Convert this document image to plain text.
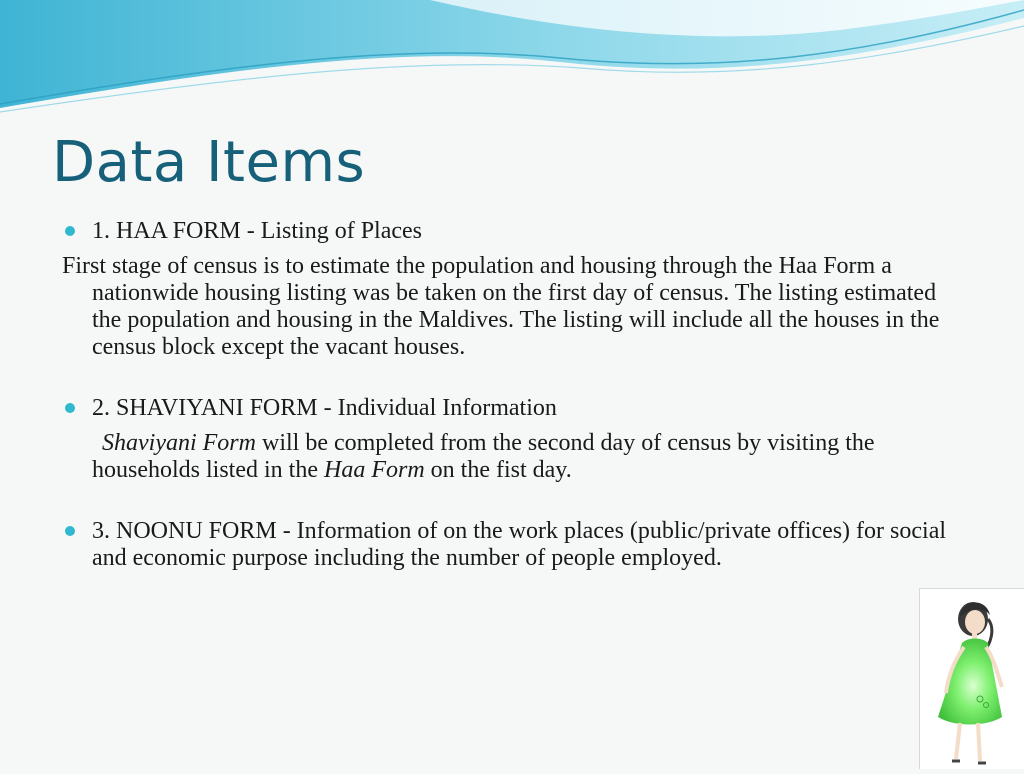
Data Items

1. HAA FORM - Listing of Places

First stage of census is to estimate the population and housing through the Haa Form a nationwide housing listing was be taken on the first day of census. The listing estimated the population and housing in the Maldives. The listing will include all the houses in the census block except the vacant houses.

2. SHAVIYANI FORM - Individual Information

Shaviyani Form will be completed from the second day of census by visiting the households listed in the Haa Form on the fist day.

3. NOONU FORM - Information of on the work places (public/private offices) for social and economic purpose including the number of people employed.
